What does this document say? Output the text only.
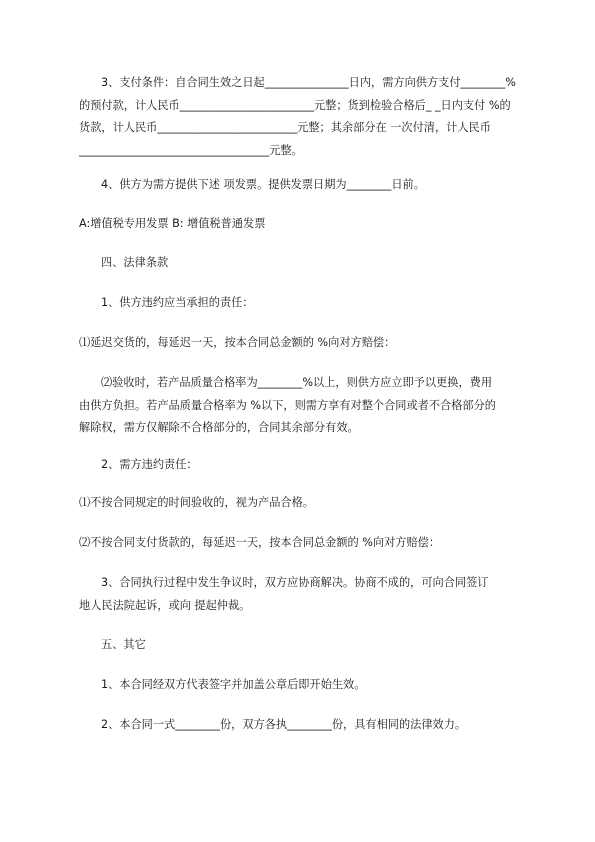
3、支付条件：自合同生效之日起_______________日内，需方向供方支付________%
的预付款，计人民币________________________元整；货到检验合格后_ _日内支付 %的
货款，计人民币_________________________元整；其余部分在 一次付清，计人民币
__________________________________元整。

4、供方为需方提供下述 项发票。提供发票日期为________日前。

A:增值税专用发票 B: 增值税普通发票

四、法律条款

1、供方违约应当承担的责任：

⑴延迟交货的，每延迟一天，按本合同总金额的 %向对方赔偿：

⑵验收时，若产品质量合格率为________%以上，则供方应立即予以更换，费用
由供方负担。若产品质量合格率为 %以下，则需方享有对整个合同或者不合格部分的
解除权，需方仅解除不合格部分的，合同其余部分有效。

2、需方违约责任：

⑴不按合同规定的时间验收的，视为产品合格。

⑵不按合同支付货款的，每延迟一天，按本合同总金额的 %向对方赔偿：

3、合同执行过程中发生争议时，双方应协商解决。协商不成的，可向合同签订
地人民法院起诉，或向 提起仲裁。

五、其它

1、本合同经双方代表签字并加盖公章后即开始生效。

2、本合同一式________份，双方各执________份，具有相同的法律效力。
